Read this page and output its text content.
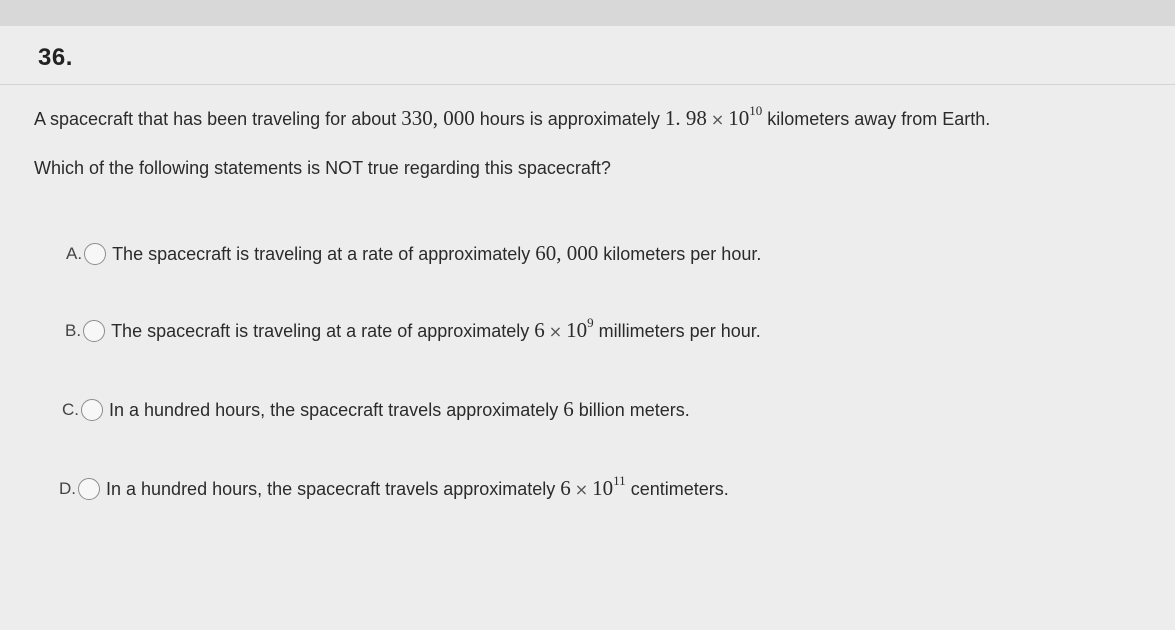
36.
A spacecraft that has been traveling for about 330, 000 hours is approximately 1. $98 \times 10^{10}$ kilometers away from Earth.
Which of the following statements is NOT true regarding this spacecraft?
A. The spacecraft is traveling at a rate of approximately 60, 000 kilometers per hour.
B. The spacecraft is traveling at a rate of approximately $6 \times 10^9$ millimeters per hour.
C. In a hundred hours, the spacecraft travels approximately 6 billion meters.
D. In a hundred hours, the spacecraft travels approximately $6 \times 10^{11}$ centimeters.
